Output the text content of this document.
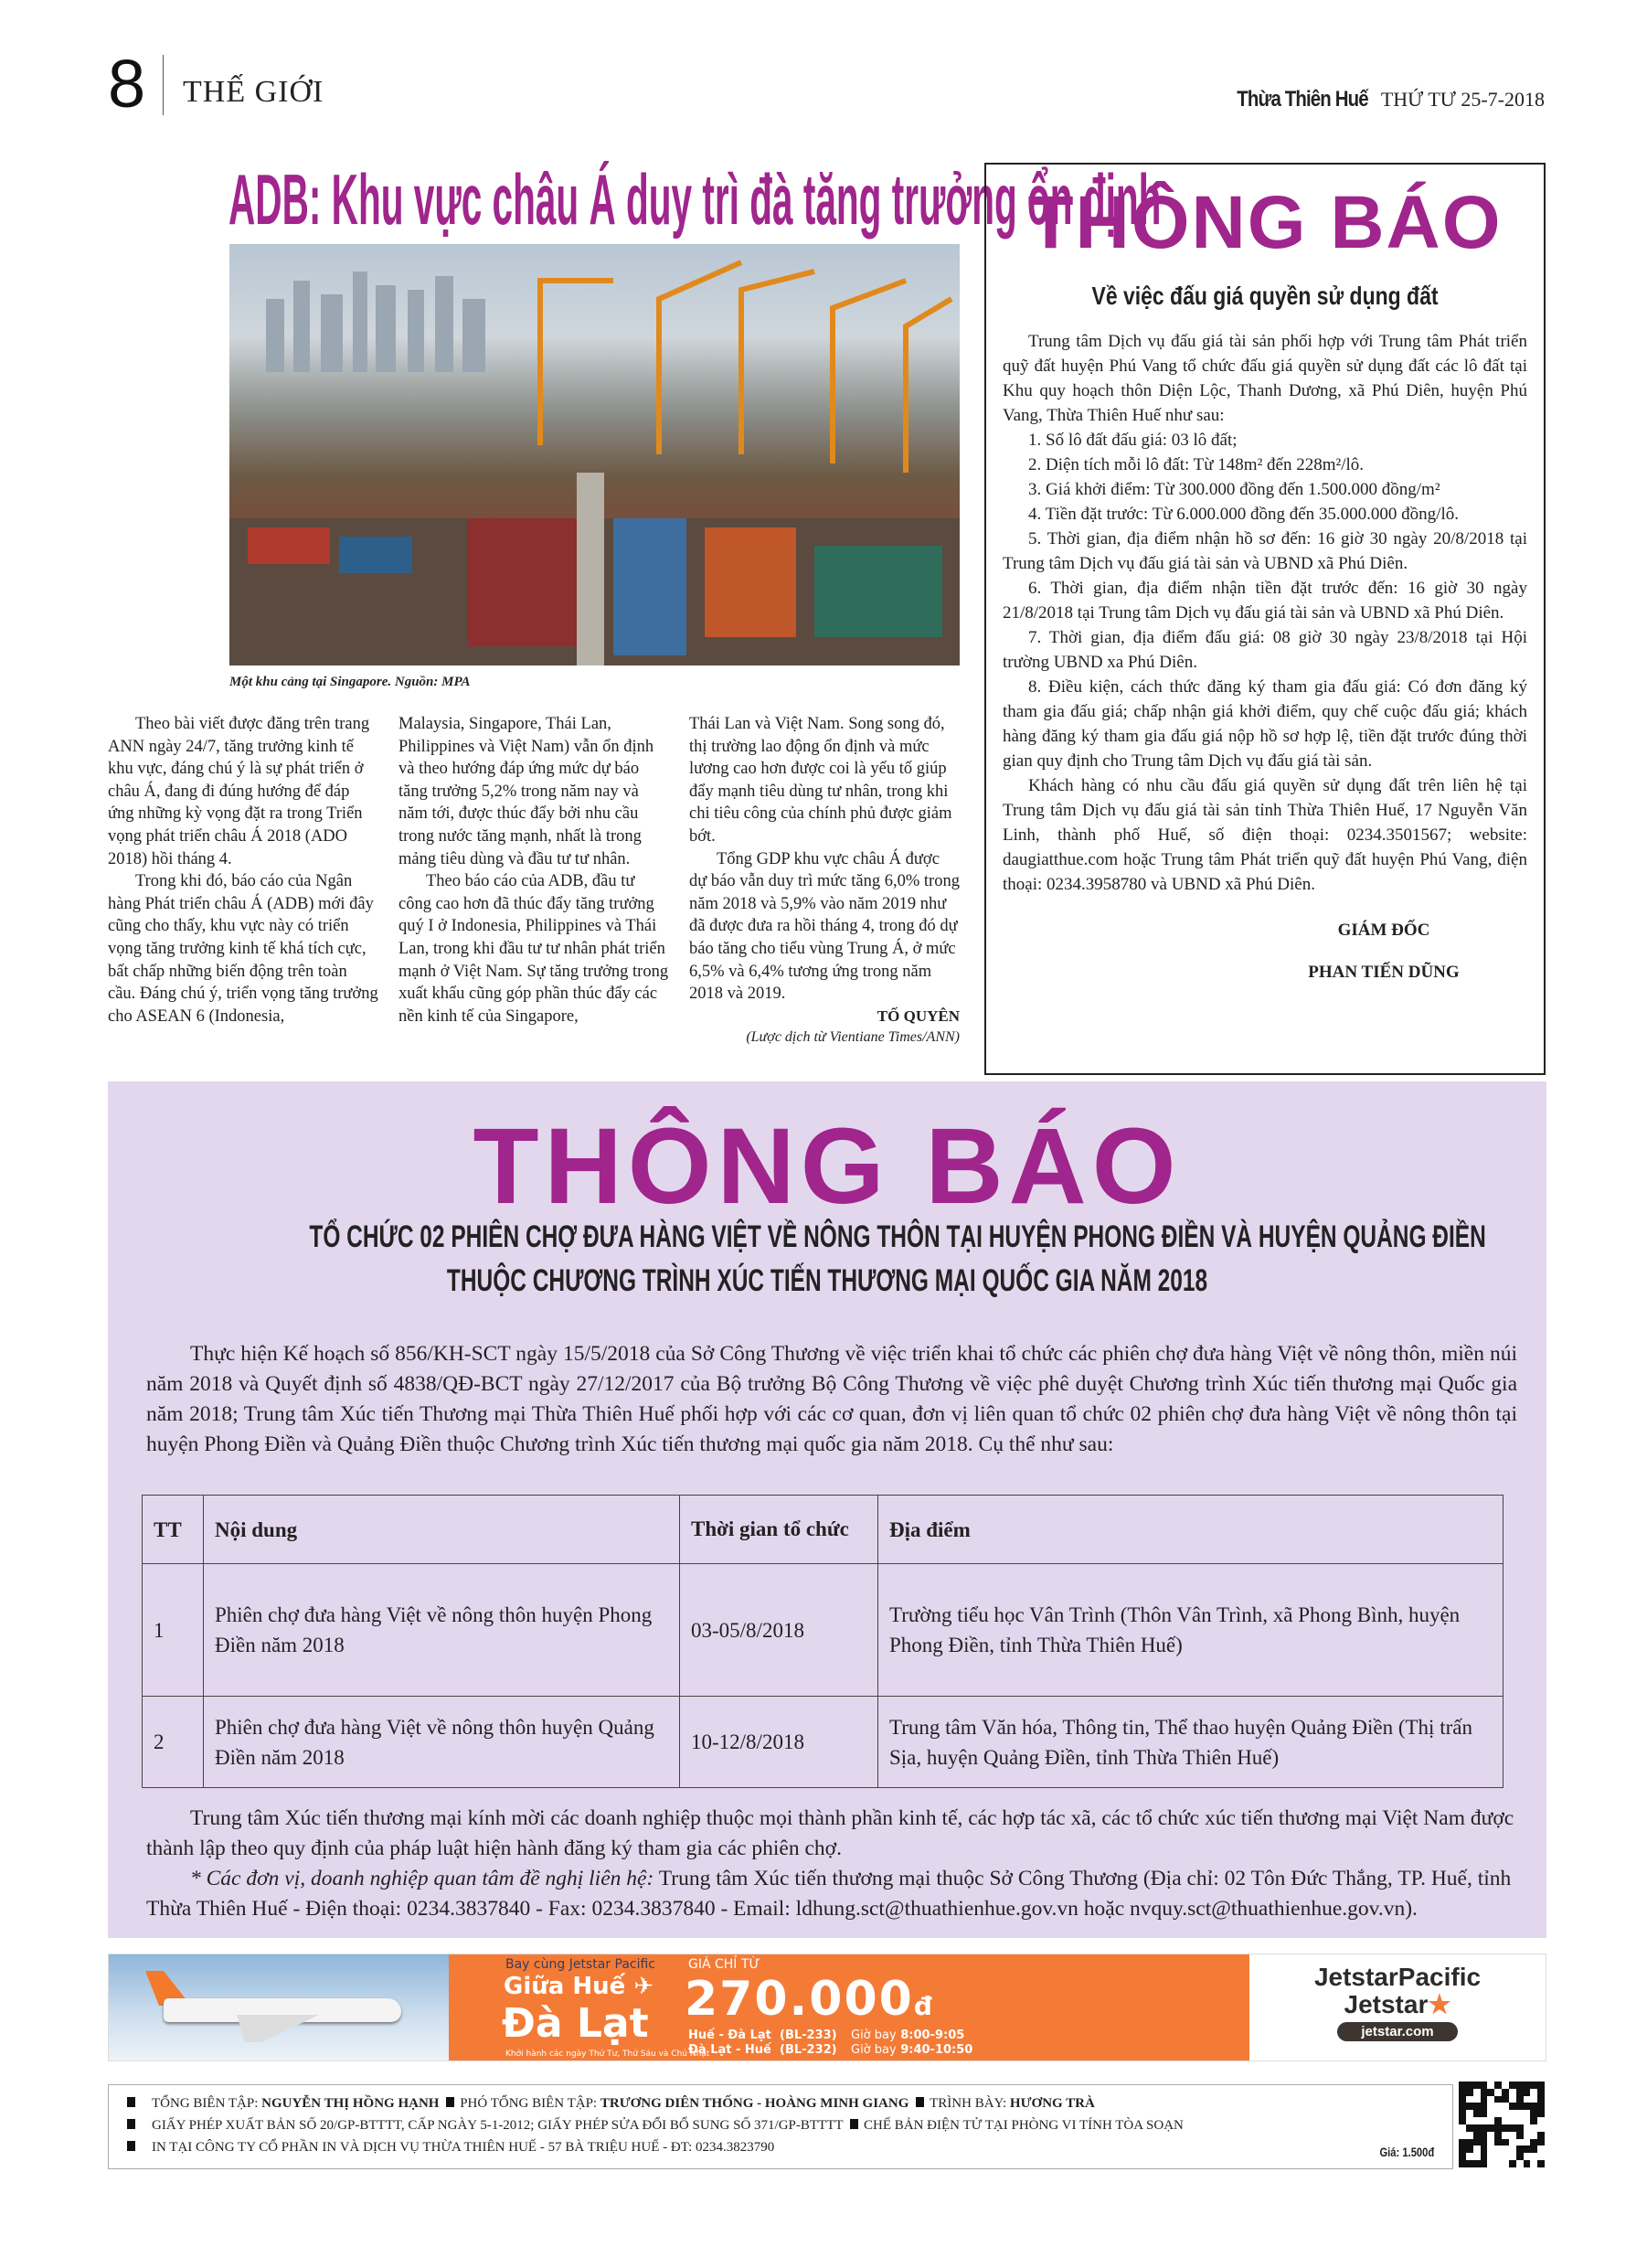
8 THẾ GIỚI	Thừa Thiên Huế THỨ TƯ 25-7-2018
ADB: Khu vực châu Á duy trì đà tăng trưởng ổn định
Một khu cảng tại Singapore. Nguồn: MPA

Theo bài viết được đăng trên trang ANN ngày 24/7, tăng trưởng kinh tế khu vực, đáng chú ý là sự phát triển ở châu Á, đang đi đúng hướng để đáp ứng những kỳ vọng đặt ra trong Triển vọng phát triển châu Á 2018 (ADO 2018) hồi tháng 4.

Trong khi đó, báo cáo của Ngân hàng Phát triển châu Á (ADB) mới đây cũng cho thấy, khu vực này có triển vọng tăng trưởng kinh tế khá tích cực, bất chấp những biến động trên toàn cầu. Đáng chú ý, triển vọng tăng trưởng cho ASEAN 6 (Indonesia,

Malaysia, Singapore, Thái Lan, Philippines và Việt Nam) vẫn ổn định và theo hướng đáp ứng mức dự báo tăng trưởng 5,2% trong năm nay và năm tới, được thúc đẩy bởi nhu cầu trong nước tăng mạnh, nhất là trong mảng tiêu dùng và đầu tư tư nhân.

Theo báo cáo của ADB, đầu tư công cao hơn đã thúc đẩy tăng trưởng quý I ở Indonesia, Philippines và Thái Lan, trong khi đầu tư tư nhân phát triển mạnh ở Việt Nam. Sự tăng trưởng trong xuất khẩu cũng góp phần thúc đẩy các nền kinh tế của Singapore,

Thái Lan và Việt Nam. Song song đó, thị trường lao động ổn định và mức lương cao hơn được coi là yếu tố giúp đẩy mạnh tiêu dùng tư nhân, trong khi chi tiêu công của chính phủ được giảm bớt.

Tổng GDP khu vực châu Á được dự báo vẫn duy trì mức tăng 6,0% trong năm 2018 và 5,9% vào năm 2019 như đã được đưa ra hồi tháng 4, trong đó dự báo tăng cho tiểu vùng Trung Á, ở mức 6,5% và 6,4% tương ứng trong năm 2018 và 2019.

TỐ QUYÊN
(Lược dịch từ Vientiane Times/ANN)
THÔNG BÁO
Về việc đấu giá quyền sử dụng đất

Trung tâm Dịch vụ đấu giá tài sản phối hợp với Trung tâm Phát triển quỹ đất huyện Phú Vang tổ chức đấu giá quyền sử dụng đất các lô đất tại Khu quy hoạch thôn Diện Lộc, Thanh Dương, xã Phú Diên, huyện Phú Vang, Thừa Thiên Huế như sau:

1. Số lô đất đấu giá: 03 lô đất;

2. Diện tích mỗi lô đất: Từ 148m² đến 228m²/lô.

3. Giá khởi điểm: Từ 300.000 đồng đến 1.500.000 đồng/m²

4. Tiền đặt trước: Từ 6.000.000 đồng đến 35.000.000 đồng/lô.

5. Thời gian, địa điểm nhận hồ sơ đến: 16 giờ 30 ngày 20/8/2018 tại Trung tâm Dịch vụ đấu giá tài sản và UBND xã Phú Diên.

6. Thời gian, địa điểm nhận tiền đặt trước đến: 16 giờ 30 ngày 21/8/2018 tại Trung tâm Dịch vụ đấu giá tài sản và UBND xã Phú Diên.

7. Thời gian, địa điểm đấu giá: 08 giờ 30 ngày 23/8/2018 tại Hội trường UBND xa Phú Diên.

8. Điều kiện, cách thức đăng ký tham gia đấu giá: Có đơn đăng ký tham gia đấu giá; chấp nhận giá khởi điểm, quy chế cuộc đấu giá; khách hàng đăng ký tham gia đấu giá nộp hồ sơ hợp lệ, tiền đặt trước đúng thời gian quy định cho Trung tâm Dịch vụ đấu giá tài sản.

Khách hàng có nhu cầu đấu giá quyền sử dụng đất trên liên hệ tại Trung tâm Dịch vụ đấu giá tài sản tỉnh Thừa Thiên Huế, 17 Nguyễn Văn Linh, thành phố Huế, số điện thoại: 0234.3501567; website: daugiatthue.com hoặc Trung tâm Phát triển quỹ đất huyện Phú Vang, điện thoại: 0234.3958780 và UBND xã Phú Diên.

GIÁM ĐỐC
PHAN TIẾN DŨNG
THÔNG BÁO
TỔ CHỨC 02 PHIÊN CHỢ ĐƯA HÀNG VIỆT VỀ NÔNG THÔN TẠI HUYỆN PHONG ĐIỀN VÀ HUYỆN QUẢNG ĐIỀN
THUỘC CHƯƠNG TRÌNH XÚC TIẾN THƯƠNG MẠI QUỐC GIA NĂM 2018

Thực hiện Kế hoạch số 856/KH-SCT ngày 15/5/2018 của Sở Công Thương về việc triển khai tổ chức các phiên chợ đưa hàng Việt về nông thôn, miền núi năm 2018 và Quyết định số 4838/QĐ-BCT ngày 27/12/2017 của Bộ trưởng Bộ Công Thương về việc phê duyệt Chương trình Xúc tiến thương mại Quốc gia năm 2018; Trung tâm Xúc tiến Thương mại Thừa Thiên Huế phối hợp với các cơ quan, đơn vị liên quan tổ chức 02 phiên chợ đưa hàng Việt về nông thôn tại huyện Phong Điền và Quảng Điền thuộc Chương trình Xúc tiến thương mại quốc gia năm 2018. Cụ thể như sau:

TT	Nội dung	Thời gian tổ chức	Địa điểm
1	Phiên chợ đưa hàng Việt về nông thôn huyện Phong Điền năm 2018	03-05/8/2018	Trường tiểu học Vân Trình (Thôn Vân Trình, xã Phong Bình, huyện Phong Điền, tỉnh Thừa Thiên Huế)
2	Phiên chợ đưa hàng Việt về nông thôn huyện Quảng Điền năm 2018	10-12/8/2018	Trung tâm Văn hóa, Thông tin, Thể thao huyện Quảng Điền (Thị trấn Sịa, huyện Quảng Điền, tỉnh Thừa Thiên Huế)

Trung tâm Xúc tiến thương mại kính mời các doanh nghiệp thuộc mọi thành phần kinh tế, các hợp tác xã, các tổ chức xúc tiến thương mại Việt Nam được thành lập theo quy định của pháp luật hiện hành đăng ký tham gia các phiên chợ.

* Các đơn vị, doanh nghiệp quan tâm đề nghị liên hệ: Trung tâm Xúc tiến thương mại thuộc Sở Công Thương (Địa chỉ: 02 Tôn Đức Thắng, TP. Huế, tỉnh Thừa Thiên Huế - Điện thoại: 0234.3837840 - Fax: 0234.3837840 - Email: ldhung.sct@thuathienhue.gov.vn hoặc nvquy.sct@thuathienhue.gov.vn).

Bay cùng Jetstar Pacific
Giữa Huế ✈
Đà Lạt
Khởi hành các ngày Thứ Tư, Thứ Sáu và Chủ Nhật
GIÁ CHỈ TỪ
270.000đ
Huế - Đà Lạt (BL-233) Giờ bay 8:00-9:05
Đà Lạt - Huế (BL-232) Giờ bay 9:40-10:50
JetstarPacific
Jetstar★
jetstar.com
TỔNG BIÊN TẬP: NGUYỄN THỊ HỒNG HẠNH PHÓ TỔNG BIÊN TẬP: TRƯƠNG DIÊN THỐNG - HOÀNG MINH GIANG TRÌNH BÀY: HƯƠNG TRÀ
GIẤY PHÉP XUẤT BẢN SỐ 20/GP-BTTTT, CẤP NGÀY 5-1-2012; GIẤY PHÉP SỬA ĐỔI BỔ SUNG SỐ 371/GP-BTTTT CHẾ BẢN ĐIỆN TỬ TẠI PHÒNG VI TÍNH TÒA SOẠN
IN TẠI CÔNG TY CỔ PHẦN IN VÀ DỊCH VỤ THỪA THIÊN HUẾ - 57 BÀ TRIỆU HUẾ - ĐT: 0234.3823790	Giá: 1.500đ
